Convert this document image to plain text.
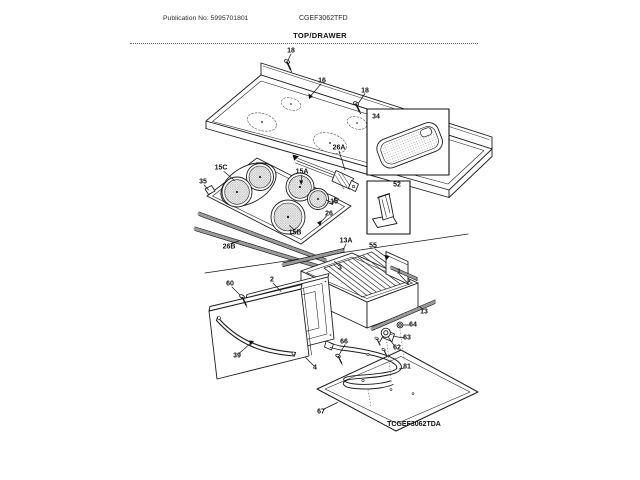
Publication No: 5995701801	CGEF3062TFD
TOP/DRAWER
18
16
18
34
26A
15C
15A
35	52
15
26
15B
26B
13A
55
3
1
2
60
13
64
63
66
62
39
4	81
67
TCGEF3062TDA
